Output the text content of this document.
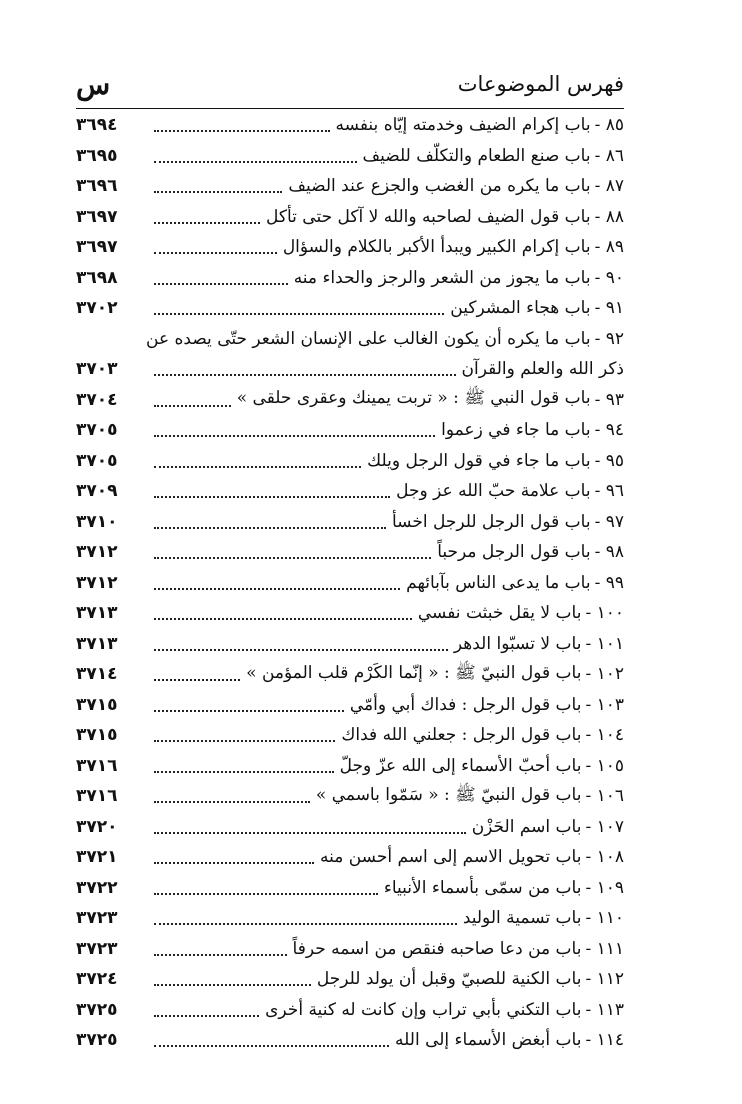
فهرس الموضوعات
س
٨٥ -
باب إكرام الضيف وخدمته إيّاه بنفسه
٣٦٩٤
٨٦ -
باب صنع الطعام والتكلّف للضيف
٣٦٩٥
٨٧ -
باب ما يكره من الغضب والجزع عند الضيف
٣٦٩٦
٨٨ -
باب قول الضيف لصاحبه والله لا آكل حتى تأكل
٣٦٩٧
٨٩ -
باب إكرام الكبير ويبدأ الأكبر بالكلام والسؤال
٣٦٩٧
٩٠ -
باب ما يجوز من الشعر والرجز والحداء منه
٣٦٩٨
٩١ -
باب هجاء المشركين
٣٧٠٢
٩٢ -
باب ما يكره أن يكون الغالب على الإنسان الشعر حتّى يصده عن
ذكر الله والعلم والقرآن
٣٧٠٣
٩٣ -
باب قول النبي ﷺ : « تربت يمينك وعقرى حلقى »
٣٧٠٤
٩٤ -
باب ما جاء في زعموا
٣٧٠٥
٩٥ -
باب ما جاء في قول الرجل ويلك
٣٧٠٥
٩٦ -
باب علامة حبّ الله عز وجل
٣٧٠٩
٩٧ -
باب قول الرجل للرجل اخسأ
٣٧١٠
٩٨ -
باب قول الرجل مرحباً
٣٧١٢
٩٩ -
باب ما يدعى الناس بآبائهم
٣٧١٢
١٠٠ -
باب لا يقل خبثت نفسي
٣٧١٣
١٠١ -
باب لا تسبّوا الدهر
٣٧١٣
١٠٢ -
باب قول النبيّ ﷺ : « إنّما الكَرْم قلب المؤمن »
٣٧١٤
١٠٣ -
باب قول الرجل : فداك أبي وأمّي
٣٧١٥
١٠٤ -
باب قول الرجل : جعلني الله فداك
٣٧١٥
١٠٥ -
باب أحبّ الأسماء إلى الله عزّ وجلّ
٣٧١٦
١٠٦ -
باب قول النبيّ ﷺ : « سَمّوا باسمي »
٣٧١٦
١٠٧ -
باب اسم الحَزْن
٣٧٢٠
١٠٨ -
باب تحويل الاسم إلى اسم أحسن منه
٣٧٢١
١٠٩ -
باب من سمّى بأسماء الأنبياء
٣٧٢٢
١١٠ -
باب تسمية الوليد
٣٧٢٣
١١١ -
باب من دعا صاحبه فنقص من اسمه حرفاً
٣٧٢٣
١١٢ -
باب الكنية للصبيّ وقبل أن يولد للرجل
٣٧٢٤
١١٣ -
باب التكني بأبي تراب وإن كانت له كنية أخرى
٣٧٢٥
١١٤ -
باب أبغض الأسماء إلى الله
٣٧٢٥
